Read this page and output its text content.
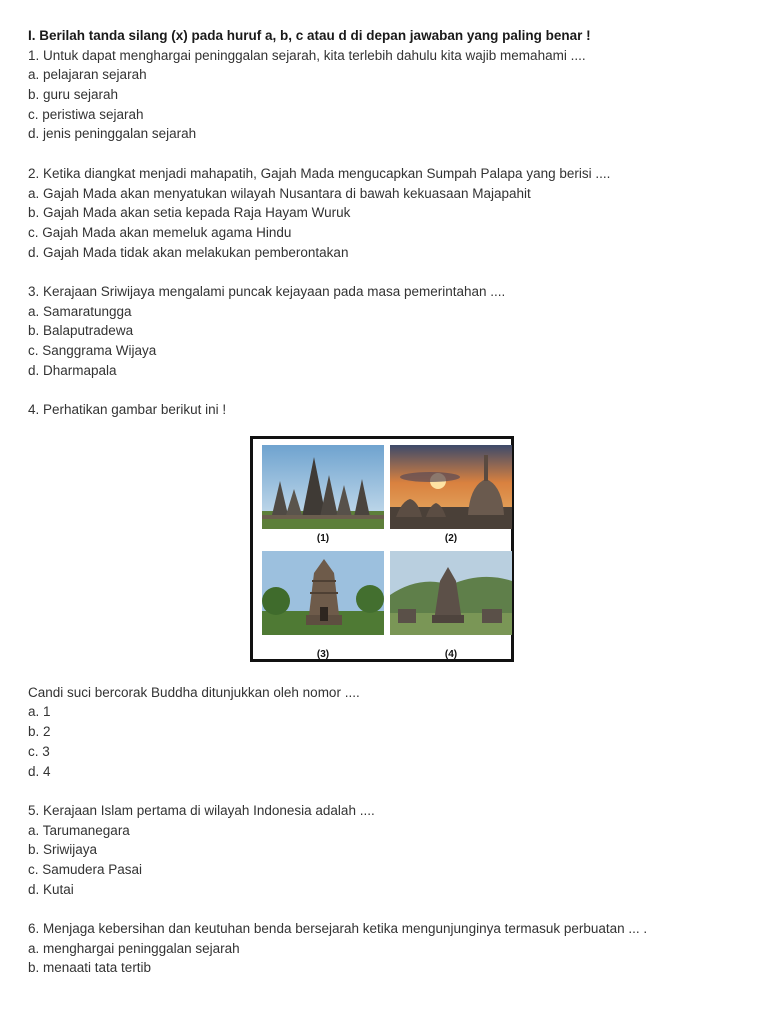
I. Berilah tanda silang (x) pada huruf a, b, c atau d di depan jawaban yang paling benar !
1. Untuk dapat menghargai peninggalan sejarah, kita terlebih dahulu kita wajib memahami ....
a. pelajaran sejarah
b. guru sejarah
c. peristiwa sejarah
d. jenis peninggalan sejarah
2. Ketika diangkat menjadi mahapatih, Gajah Mada mengucapkan Sumpah Palapa yang berisi ....
a. Gajah Mada akan menyatukan wilayah Nusantara di bawah kekuasaan Majapahit
b. Gajah Mada akan setia kepada Raja Hayam Wuruk
c. Gajah Mada akan memeluk agama Hindu
d. Gajah Mada tidak akan melakukan pemberontakan
3. Kerajaan Sriwijaya mengalami puncak kejayaan pada masa pemerintahan ....
a. Samaratungga
b. Balaputradewa
c. Sanggrama Wijaya
d. Dharmapala
4. Perhatikan gambar berikut ini !
(1)	(2)
(3)	(4)
Candi suci bercorak Buddha ditunjukkan oleh nomor ....
a. 1
b. 2
c. 3
d. 4
5. Kerajaan Islam pertama di wilayah Indonesia adalah ....
a. Tarumanegara
b. Sriwijaya
c. Samudera Pasai
d. Kutai
6. Menjaga kebersihan dan keutuhan benda bersejarah ketika mengunjunginya termasuk perbuatan ... .
a. menghargai peninggalan sejarah
b. menaati tata tertib
